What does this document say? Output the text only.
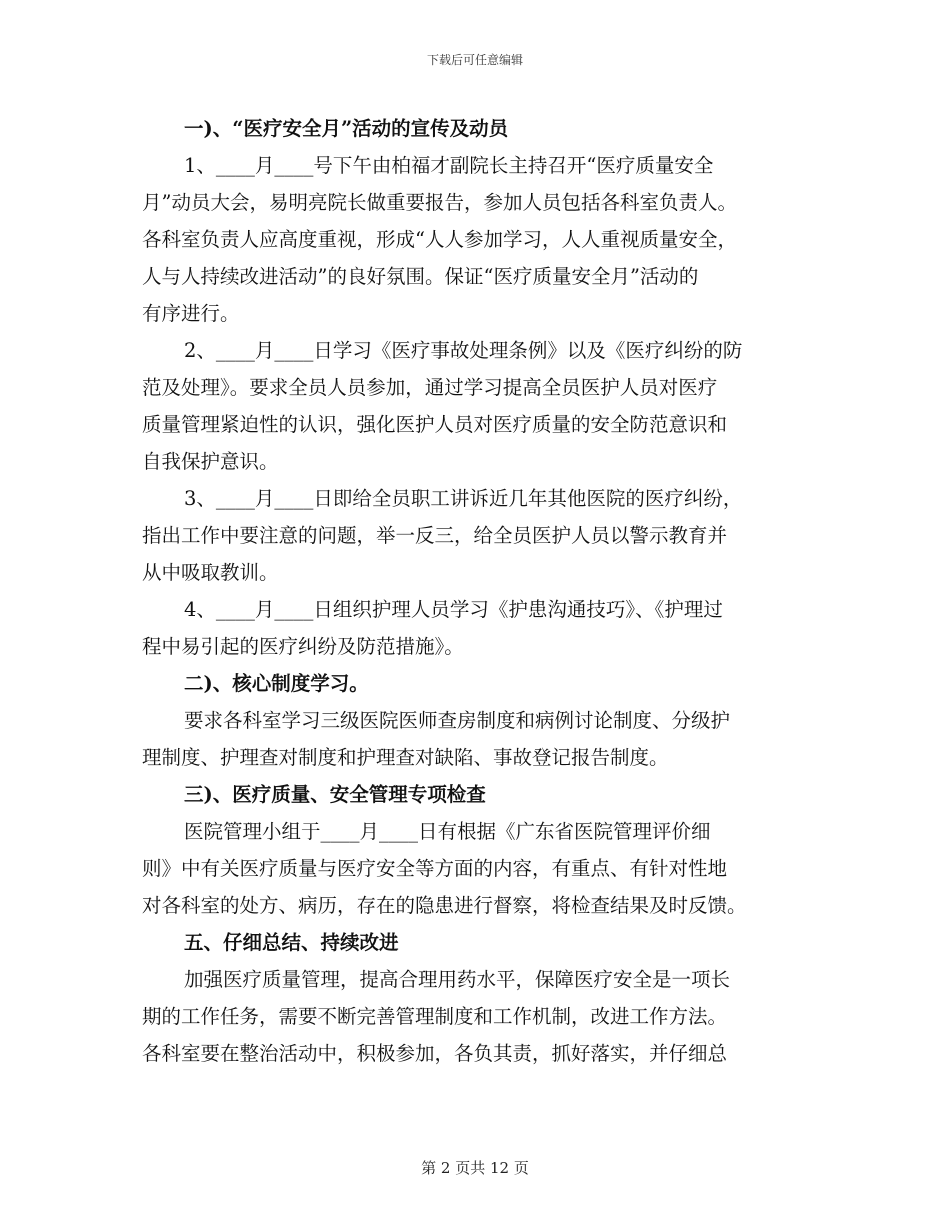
下载后可任意编辑
一)、“医疗安全月”活动的宣传及动员
1、____月____号下午由柏福才副院长主持召开“医疗质量安全
月”动员大会，易明亮院长做重要报告，参加人员包括各科室负责人。
各科室负责人应高度重视，形成“人人参加学习，人人重视质量安全，
人与人持续改进活动”的良好氛围。保证“医疗质量安全月”活动的
有序进行。
2、____月____日学习《医疗事故处理条例》以及《医疗纠纷的防
范及处理》。要求全员人员参加，通过学习提高全员医护人员对医疗
质量管理紧迫性的认识，强化医护人员对医疗质量的安全防范意识和
自我保护意识。
3、____月____日即给全员职工讲诉近几年其他医院的医疗纠纷，
指出工作中要注意的问题，举一反三，给全员医护人员以警示教育并
从中吸取教训。
4、____月____日组织护理人员学习《护患沟通技巧》、《护理过
程中易引起的医疗纠纷及防范措施》。
二)、核心制度学习。
要求各科室学习三级医院医师查房制度和病例讨论制度、分级护
理制度、护理查对制度和护理查对缺陷、事故登记报告制度。
三)、医疗质量、安全管理专项检查
医院管理小组于____月____日有根据《广东省医院管理评价细
则》中有关医疗质量与医疗安全等方面的内容，有重点、有针对性地
对各科室的处方、病历，存在的隐患进行督察，将检查结果及时反馈。
五、仔细总结、持续改进
加强医疗质量管理，提高合理用药水平，保障医疗安全是一项长
期的工作任务，需要不断完善管理制度和工作机制，改进工作方法。
各科室要在整治活动中，积极参加，各负其责，抓好落实，并仔细总
第 2 页共 12 页
